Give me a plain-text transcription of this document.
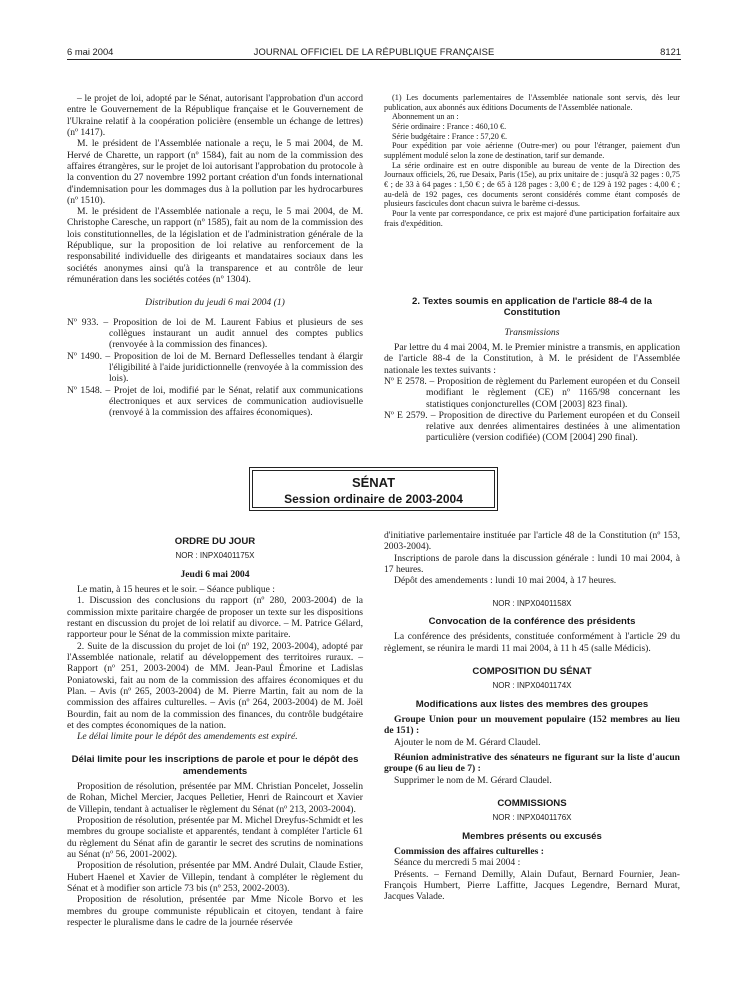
6 mai 2004	JOURNAL OFFICIEL DE LA RÉPUBLIQUE FRANÇAISE	8121

– le projet de loi, adopté par le Sénat, autorisant l'approbation d'un accord entre le Gouvernement de la République française et le Gouvernement de l'Ukraine relatif à la coopération policière (ensemble un échange de lettres) (nº 1417).

M. le président de l'Assemblée nationale a reçu, le 5 mai 2004, de M. Hervé de Charette, un rapport (nº 1584), fait au nom de la commission des affaires étrangères, sur le projet de loi autorisant l'approbation du protocole à la convention du 27 novembre 1992 portant création d'un fonds international d'indemnisation pour les dommages dus à la pollution par les hydrocarbures (nº 1510).

M. le président de l'Assemblée nationale a reçu, le 5 mai 2004, de M. Christophe Caresche, un rapport (nº 1585), fait au nom de la commission des lois constitutionnelles, de la législation et de l'administration générale de la République, sur la proposition de loi relative au renforcement de la responsabilité individuelle des dirigeants et mandataires sociaux dans les sociétés anonymes ainsi qu'à la transparence et au contrôle de leur rémunération dans les sociétés cotées (nº 1304).

Distribution du jeudi 6 mai 2004 (1)

Nº 933. – Proposition de loi de M. Laurent Fabius et plusieurs de ses collègues instaurant un audit annuel des comptes publics (renvoyée à la commission des finances).

Nº 1490. – Proposition de loi de M. Bernard Deflesselles tendant à élargir l'éligibilité à l'aide juridictionnelle (renvoyée à la commission des lois).

Nº 1548. – Projet de loi, modifié par le Sénat, relatif aux communications électroniques et aux services de communication audiovisuelle (renvoyé à la commission des affaires économiques).

(1) Les documents parlementaires de l'Assemblée nationale sont servis, dès leur publication, aux abonnés aux éditions Documents de l'Assemblée nationale.

Abonnement un an :

Série ordinaire : France : 460,10 €.

Série budgétaire : France : 57,20 €.

Pour expédition par voie aérienne (Outre-mer) ou pour l'étranger, paiement d'un supplément modulé selon la zone de destination, tarif sur demande.

La série ordinaire est en outre disponible au bureau de vente de la Direction des Journaux officiels, 26, rue Desaix, Paris (15e), au prix unitaire de : jusqu'à 32 pages : 0,75 € ; de 33 à 64 pages : 1,50 € ; de 65 à 128 pages : 3,00 € ; de 129 à 192 pages : 4,00 € ; au-delà de 192 pages, ces documents seront considérés comme étant composés de plusieurs fascicules dont chacun suivra le barème ci-dessus.

Pour la vente par correspondance, ce prix est majoré d'une participation forfaitaire aux frais d'expédition.

2. Textes soumis en application de l'article 88-4 de la Constitution

Transmissions

Par lettre du 4 mai 2004, M. le Premier ministre a transmis, en application de l'article 88-4 de la Constitution, à M. le président de l'Assemblée nationale les textes suivants :

Nº E 2578. – Proposition de règlement du Parlement européen et du Conseil modifiant le règlement (CE) nº 1165/98 concernant les statistiques conjoncturelles (COM [2003] 823 final).

Nº E 2579. – Proposition de directive du Parlement européen et du Conseil relative aux denrées alimentaires destinées à une alimentation particulière (version codifiée) (COM [2004] 290 final).

SÉNAT
Session ordinaire de 2003-2004

ORDRE DU JOUR

NOR : INPX0401175X

Jeudi 6 mai 2004

Le matin, à 15 heures et le soir. – Séance publique :

1. Discussion des conclusions du rapport (nº 280, 2003-2004) de la commission mixte paritaire chargée de proposer un texte sur les dispositions restant en discussion du projet de loi relatif au divorce. – M. Patrice Gélard, rapporteur pour le Sénat de la commission mixte paritaire.

2. Suite de la discussion du projet de loi (nº 192, 2003-2004), adopté par l'Assemblée nationale, relatif au développement des territoires ruraux. – Rapport (nº 251, 2003-2004) de MM. Jean-Paul Émorine et Ladislas Poniatowski, fait au nom de la commission des affaires économiques et du Plan. – Avis (nº 265, 2003-2004) de M. Pierre Martin, fait au nom de la commission des affaires culturelles. – Avis (nº 264, 2003-2004) de M. Joël Bourdin, fait au nom de la commission des finances, du contrôle budgétaire et des comptes économiques de la nation.

Le délai limite pour le dépôt des amendements est expiré.

Délai limite pour les inscriptions de parole et pour le dépôt des amendements

Proposition de résolution, présentée par MM. Christian Poncelet, Josselin de Rohan, Michel Mercier, Jacques Pelletier, Henri de Raincourt et Xavier de Villepin, tendant à actualiser le règlement du Sénat (nº 213, 2003-2004).

Proposition de résolution, présentée par M. Michel Dreyfus-Schmidt et les membres du groupe socialiste et apparentés, tendant à compléter l'article 61 du règlement du Sénat afin de garantir le secret des scrutins de nominations au Sénat (nº 56, 2001-2002).

Proposition de résolution, présentée par MM. André Dulait, Claude Estier, Hubert Haenel et Xavier de Villepin, tendant à compléter le règlement du Sénat et à modifier son article 73 bis (nº 253, 2002-2003).

Proposition de résolution, présentée par Mme Nicole Borvo et les membres du groupe communiste républicain et citoyen, tendant à faire respecter le pluralisme dans le cadre de la journée réservée

d'initiative parlementaire instituée par l'article 48 de la Constitution (nº 153, 2003-2004).

Inscriptions de parole dans la discussion générale : lundi 10 mai 2004, à 17 heures.

Dépôt des amendements : lundi 10 mai 2004, à 17 heures.

NOR : INPX0401158X

Convocation de la conférence des présidents

La conférence des présidents, constituée conformément à l'article 29 du règlement, se réunira le mardi 11 mai 2004, à 11 h 45 (salle Médicis).

COMPOSITION DU SÉNAT

NOR : INPX0401174X

Modifications aux listes des membres des groupes

Groupe Union pour un mouvement populaire (152 membres au lieu de 151) :

Ajouter le nom de M. Gérard Claudel.

Réunion administrative des sénateurs ne figurant sur la liste d'aucun groupe (6 au lieu de 7) :

Supprimer le nom de M. Gérard Claudel.

COMMISSIONS

NOR : INPX0401176X

Membres présents ou excusés

Commission des affaires culturelles :

Séance du mercredi 5 mai 2004 :

Présents. – Fernand Demilly, Alain Dufaut, Bernard Fournier, Jean-François Humbert, Pierre Laffitte, Jacques Legendre, Bernard Murat, Jacques Valade.
